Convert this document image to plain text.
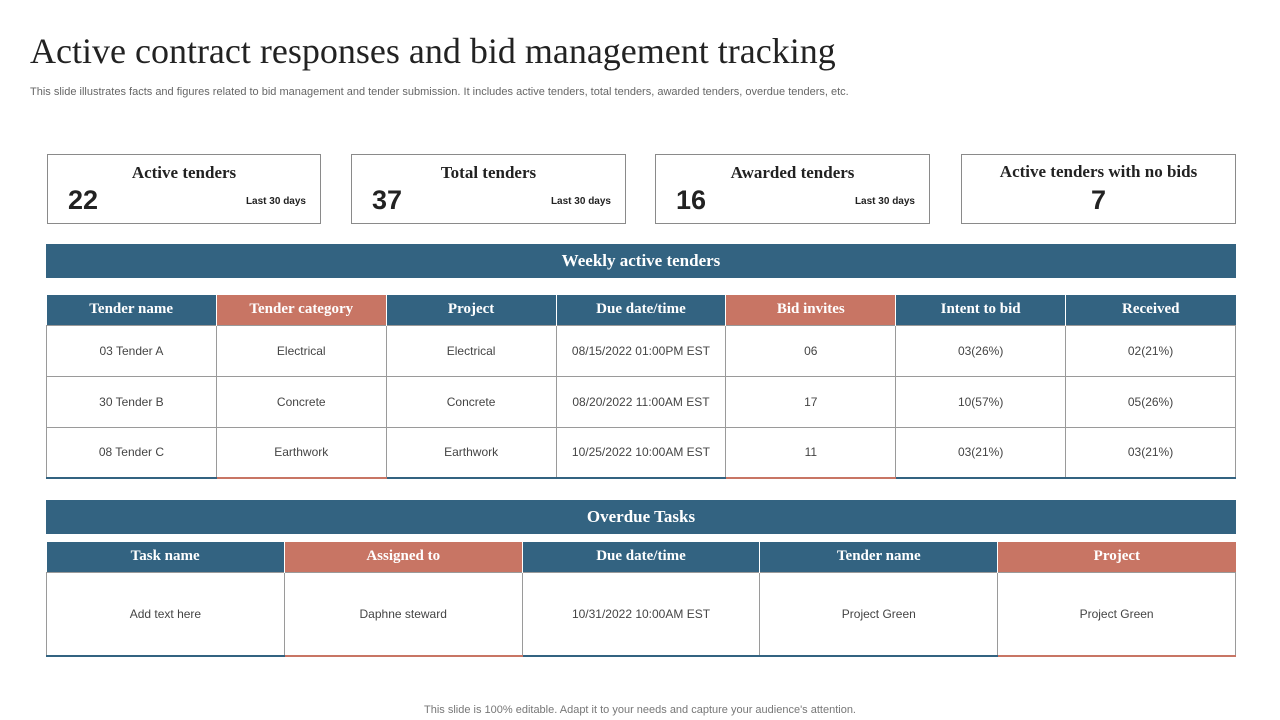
Active contract responses and bid management tracking
This slide illustrates facts and figures related to bid management and tender submission. It includes active tenders, total tenders, awarded tenders, overdue tenders, etc.
Active tenders
22	Last 30 days
Total tenders
37	Last 30 days
Awarded tenders
16	Last 30 days
Active tenders with no bids
7
Weekly active tenders
Tender name	Tender category	Project	Due date/time	Bid invites	Intent to bid	Received
03 Tender A	Electrical	Electrical	08/15/2022 01:00PM EST	06	03(26%)	02(21%)
30 Tender B	Concrete	Concrete	08/20/2022 11:00AM EST	17	10(57%)	05(26%)
08 Tender C	Earthwork	Earthwork	10/25/2022 10:00AM EST	11	03(21%)	03(21%)
Overdue Tasks
Task name	Assigned to	Due date/time	Tender name	Project
Add text here	Daphne steward	10/31/2022 10:00AM EST	Project Green	Project Green
This slide is 100% editable. Adapt it to your needs and capture your audience's attention.
